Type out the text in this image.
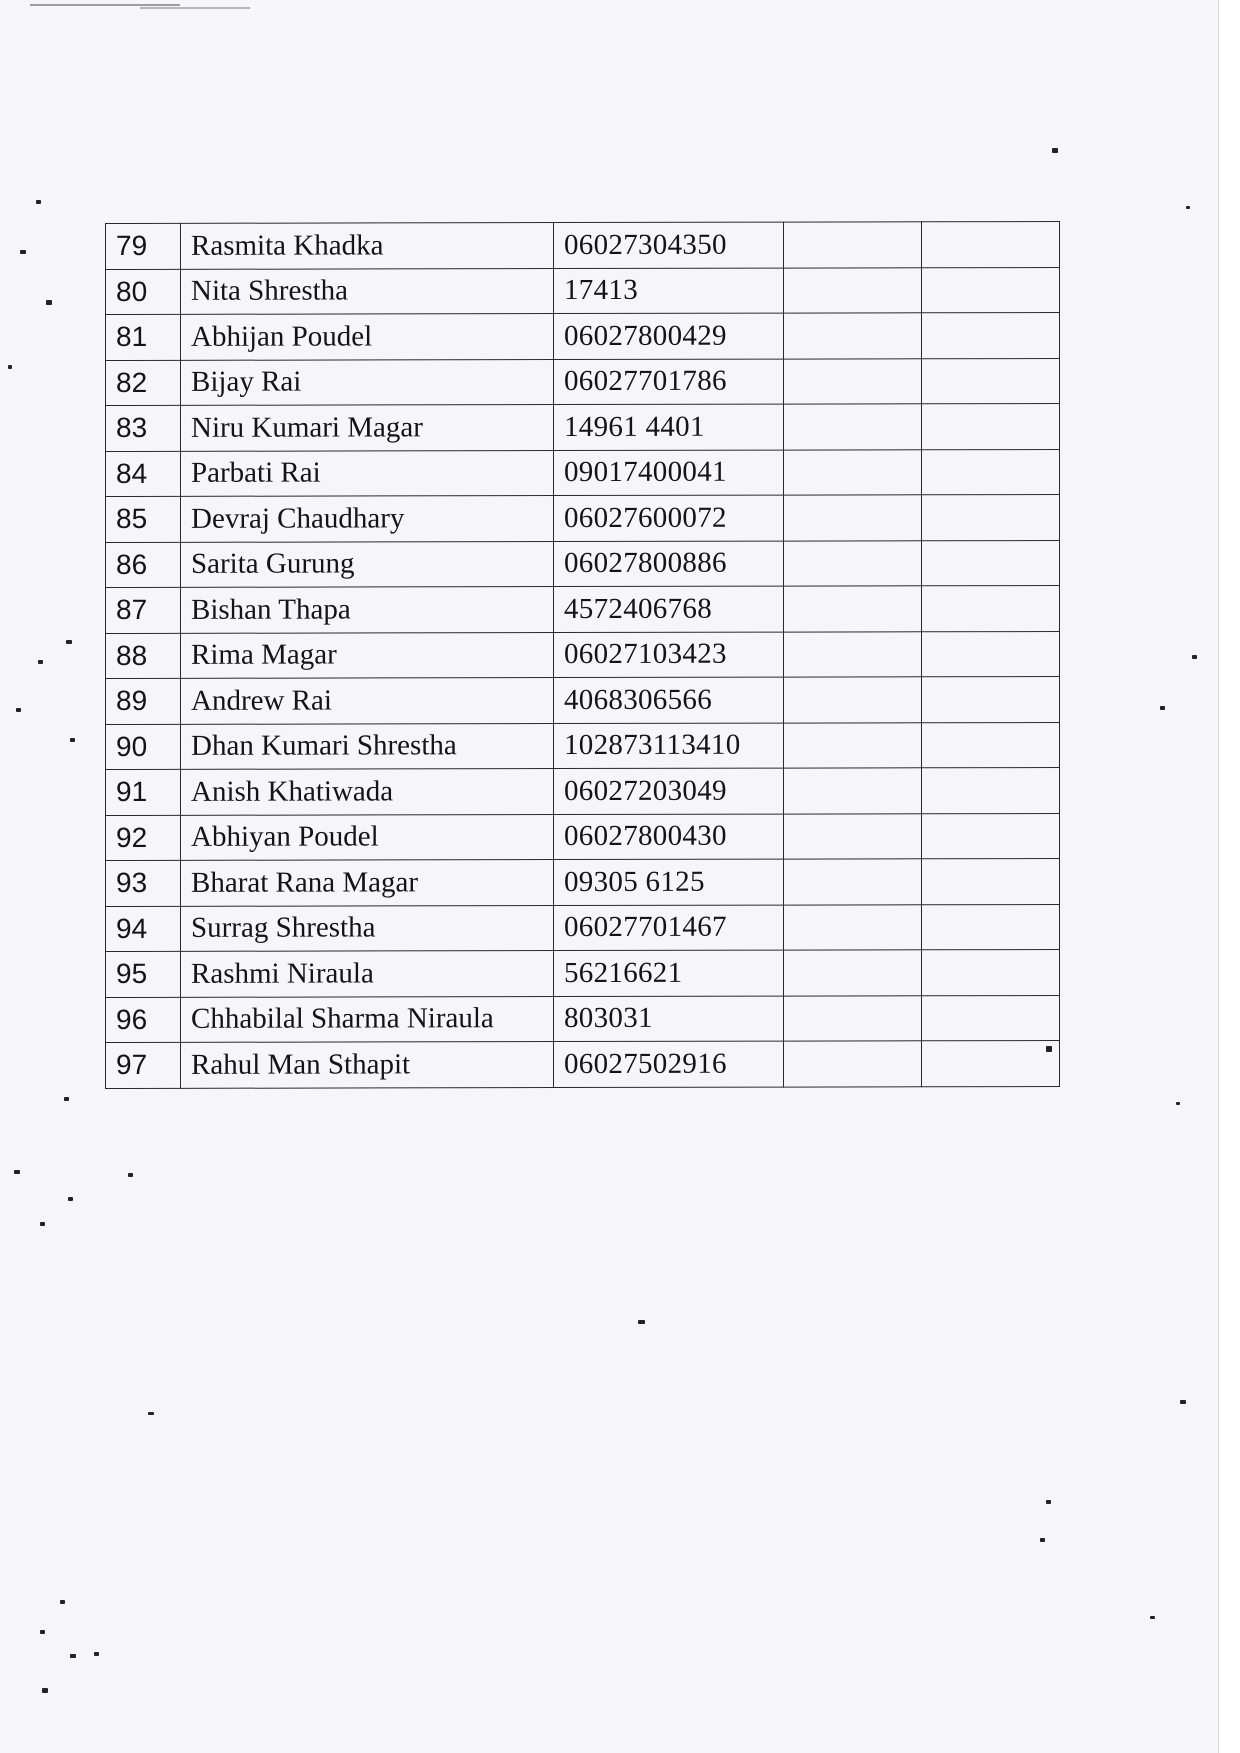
79	Rasmita Khadka	06027304350		
80	Nita Shrestha	17413		
81	Abhijan Poudel	06027800429		
82	Bijay Rai	06027701786		
83	Niru Kumari Magar	14961 4401		
84	Parbati Rai	09017400041		
85	Devraj Chaudhary	06027600072		
86	Sarita Gurung	06027800886		
87	Bishan Thapa	4572406768		
88	Rima Magar	06027103423		
89	Andrew Rai	4068306566		
90	Dhan Kumari Shrestha	102873113410		
91	Anish Khatiwada	06027203049		
92	Abhiyan Poudel	06027800430		
93	Bharat Rana Magar	09305 6125		
94	Surrag Shrestha	06027701467		
95	Rashmi Niraula	56216621		
96	Chhabilal Sharma Niraula	803031		
97	Rahul Man Sthapit	06027502916		
